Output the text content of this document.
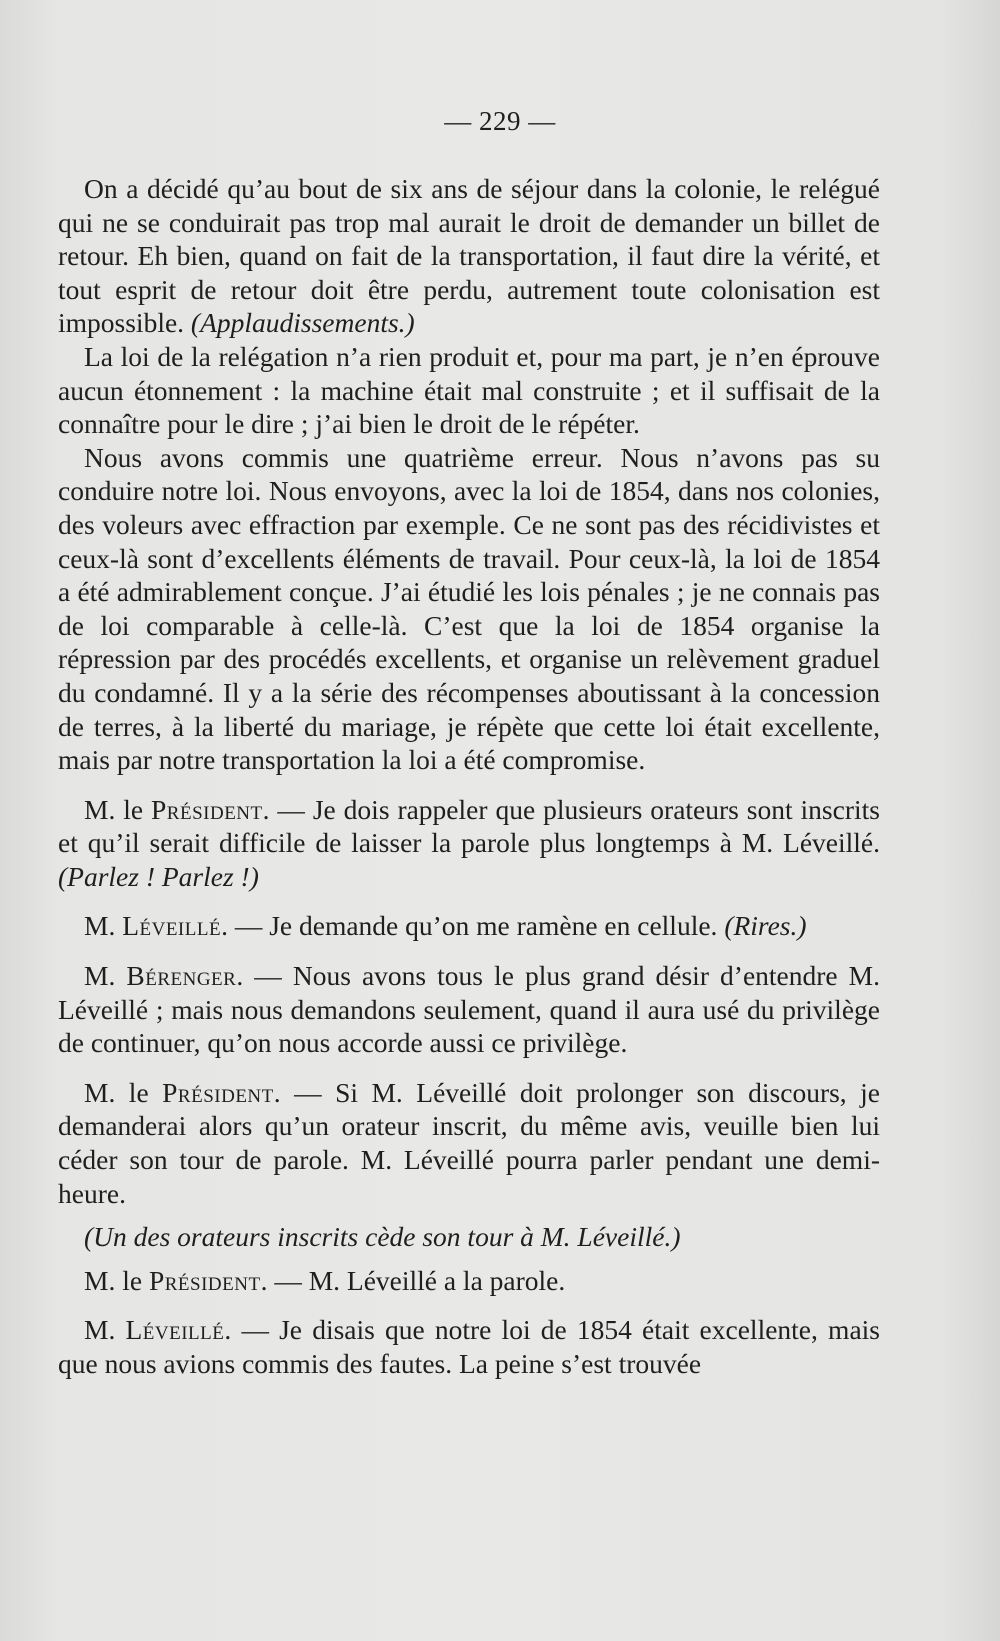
— 229 —

On a décidé qu’au bout de six ans de séjour dans la colonie, le relégué qui ne se conduirait pas trop mal aurait le droit de demander un billet de retour. Eh bien, quand on fait de la transportation, il faut dire la vérité, et tout esprit de retour doit être perdu, autrement toute colonisation est impossible. (Applaudissements.)

La loi de la relégation n’a rien produit et, pour ma part, je n’en éprouve aucun étonnement : la machine était mal construite ; et il suffisait de la connaître pour le dire ; j’ai bien le droit de le répéter.

Nous avons commis une quatrième erreur. Nous n’avons pas su conduire notre loi. Nous envoyons, avec la loi de 1854, dans nos colonies, des voleurs avec effraction par exemple. Ce ne sont pas des récidivistes et ceux-là sont d’excellents éléments de travail. Pour ceux-là, la loi de 1854 a été admirablement conçue. J’ai étudié les lois pénales ; je ne connais pas de loi comparable à celle-là. C’est que la loi de 1854 organise la répression par des procédés excellents, et organise un relèvement graduel du condamné. Il y a la série des récompenses aboutissant à la concession de terres, à la liberté du mariage, je répète que cette loi était excellente, mais par notre transportation la loi a été compromise.

M. le Président. — Je dois rappeler que plusieurs orateurs sont inscrits et qu’il serait difficile de laisser la parole plus longtemps à M. Léveillé. (Parlez ! Parlez !)

M. Léveillé. — Je demande qu’on me ramène en cellule. (Rires.)

M. Bérenger. — Nous avons tous le plus grand désir d’entendre M. Léveillé ; mais nous demandons seulement, quand il aura usé du privilège de continuer, qu’on nous accorde aussi ce privilège.

M. le Président. — Si M. Léveillé doit prolonger son discours, je demanderai alors qu’un orateur inscrit, du même avis, veuille bien lui céder son tour de parole. M. Léveillé pourra parler pendant une demi-heure.

(Un des orateurs inscrits cède son tour à M. Léveillé.)

M. le Président. — M. Léveillé a la parole.

M. Léveillé. — Je disais que notre loi de 1854 était excellente, mais que nous avions commis des fautes. La peine s’est trouvée
